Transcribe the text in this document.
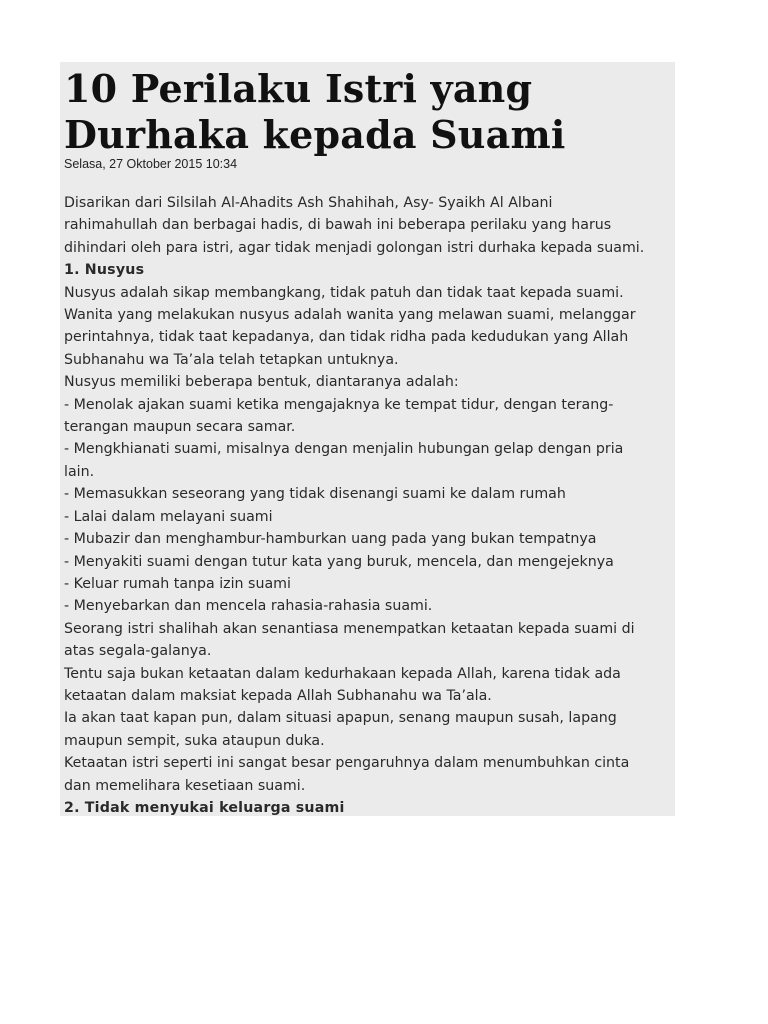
10 Perilaku Istri yang
Durhaka kepada Suami
Selasa, 27 Oktober 2015 10:34

Disarikan dari Silsilah Al-Ahadits Ash Shahihah, Asy- Syaikh Al Albani

rahimahullah dan berbagai hadis, di bawah ini beberapa perilaku yang harus

dihindari oleh para istri, agar tidak menjadi golongan istri durhaka kepada suami.

1. Nusyus

Nusyus adalah sikap membangkang, tidak patuh dan tidak taat kepada suami.

Wanita yang melakukan nusyus adalah wanita yang melawan suami, melanggar

perintahnya, tidak taat kepadanya, dan tidak ridha pada kedudukan yang Allah

Subhanahu wa Ta’ala telah tetapkan untuknya.

Nusyus memiliki beberapa bentuk, diantaranya adalah:

- Menolak ajakan suami ketika mengajaknya ke tempat tidur, dengan terang-

terangan maupun secara samar.

- Mengkhianati suami, misalnya dengan menjalin hubungan gelap dengan pria

lain.

- Memasukkan seseorang yang tidak disenangi suami ke dalam rumah

- Lalai dalam melayani suami

- Mubazir dan menghambur-hamburkan uang pada yang bukan tempatnya

- Menyakiti suami dengan tutur kata yang buruk, mencela, dan mengejeknya

- Keluar rumah tanpa izin suami

- Menyebarkan dan mencela rahasia-rahasia suami.

Seorang istri shalihah akan senantiasa menempatkan ketaatan kepada suami di

atas segala-galanya.

Tentu saja bukan ketaatan dalam kedurhakaan kepada Allah, karena tidak ada

ketaatan dalam maksiat kepada Allah Subhanahu wa Ta’ala.

Ia akan taat kapan pun, dalam situasi apapun, senang maupun susah, lapang

maupun sempit, suka ataupun duka.

Ketaatan istri seperti ini sangat besar pengaruhnya dalam menumbuhkan cinta

dan memelihara kesetiaan suami.

2. Tidak menyukai keluarga suami
